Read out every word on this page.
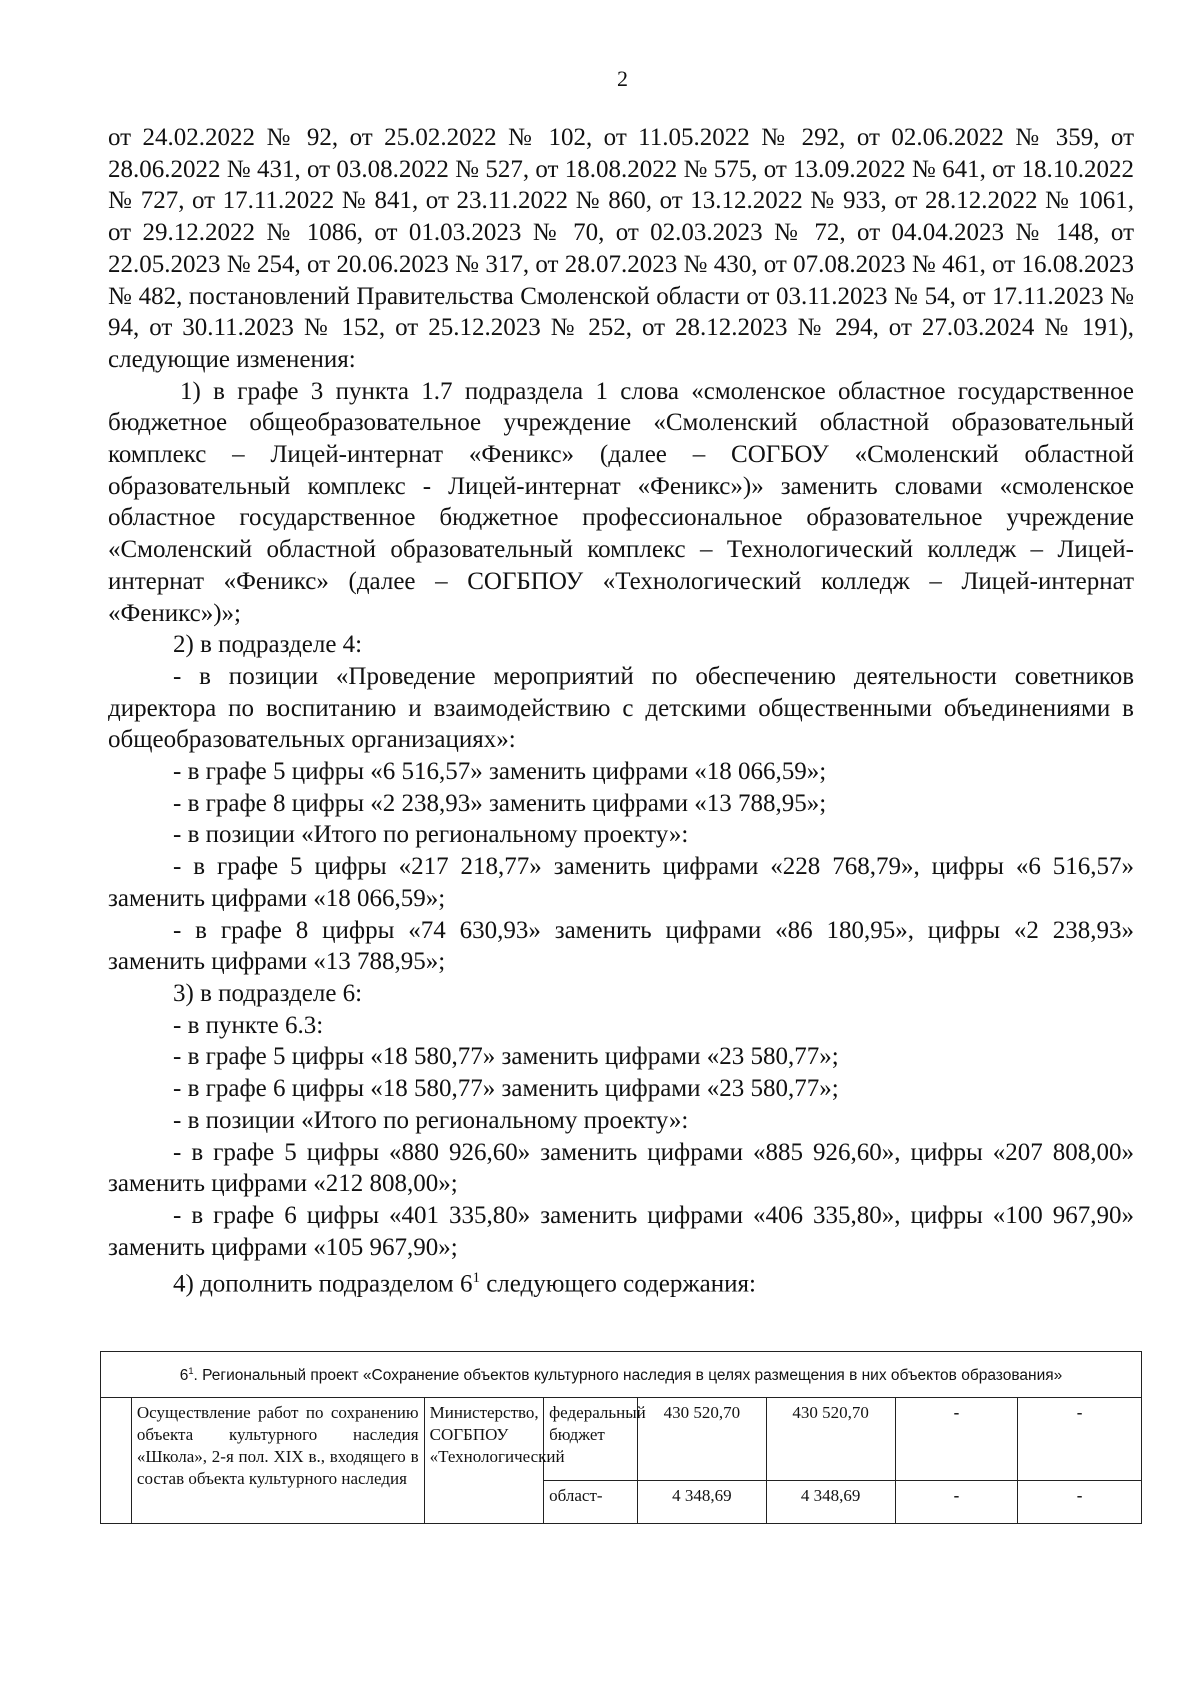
2

от 24.02.2022 № 92, от 25.02.2022 № 102, от 11.05.2022 № 292, от 02.06.2022 № 359, от 28.06.2022 № 431, от 03.08.2022 № 527, от 18.08.2022 № 575, от 13.09.2022 № 641, от 18.10.2022 № 727, от 17.11.2022 № 841, от 23.11.2022 № 860, от 13.12.2022 № 933, от 28.12.2022 № 1061, от 29.12.2022 № 1086, от 01.03.2023 № 70, от 02.03.2023 № 72, от 04.04.2023 № 148, от 22.05.2023 № 254, от 20.06.2023 № 317, от 28.07.2023 № 430, от 07.08.2023 № 461, от 16.08.2023 № 482, постановлений Правительства Смоленской области от 03.11.2023 № 54, от 17.11.2023 № 94, от 30.11.2023 № 152, от 25.12.2023 № 252, от 28.12.2023 № 294, от 27.03.2024 № 191), следующие изменения:

1) в графе 3 пункта 1.7 подраздела 1 слова «смоленское областное государственное бюджетное общеобразовательное учреждение «Смоленский областной образовательный комплекс – Лицей-интернат «Феникс» (далее – СОГБОУ «Смоленский областной образовательный комплекс - Лицей-интернат «Феникс»)» заменить словами «смоленское областное государственное бюджетное профессиональное образовательное учреждение «Смоленский областной образовательный комплекс – Технологический колледж – Лицей-интернат «Феникс» (далее – СОГБПОУ «Технологический колледж – Лицей-интернат «Феникс»)»;

2) в подразделе 4:

- в позиции «Проведение мероприятий по обеспечению деятельности советников директора по воспитанию и взаимодействию с детскими общественными объединениями в общеобразовательных организациях»:

- в графе 5 цифры «6 516,57» заменить цифрами «18 066,59»;

- в графе 8 цифры «2 238,93» заменить цифрами «13 788,95»;

- в позиции «Итого по региональному проекту»:

- в графе 5 цифры «217 218,77» заменить цифрами «228 768,79», цифры «6 516,57» заменить цифрами «18 066,59»;

- в графе 8 цифры «74 630,93» заменить цифрами «86 180,95», цифры «2 238,93» заменить цифрами «13 788,95»;

3) в подразделе 6:

- в пункте 6.3:

- в графе 5 цифры «18 580,77» заменить цифрами «23 580,77»;

- в графе 6 цифры «18 580,77» заменить цифрами «23 580,77»;

- в позиции «Итого по региональному проекту»:

- в графе 5 цифры «880 926,60» заменить цифрами «885 926,60», цифры «207 808,00» заменить цифрами «212 808,00»;

- в графе 6 цифры «401 335,80» заменить цифрами «406 335,80», цифры «100 967,90» заменить цифрами «105 967,90»;

4) дополнить подразделом $6^1$ следующего содержания:

$6^1$. Региональный проект «Сохранение объектов культурного наследия в целях размещения в них объектов образования»							
	Осуществление работ по сохранению объекта культурного наследия «Школа», 2-я пол. XIX в., входящего в состав объекта культурного наследия	Министерство, СОГБПОУ «Технологический	федеральный бюджет	430 520,70	430 520,70	-	-
			област-	4 348,69	4 348,69	-	-
